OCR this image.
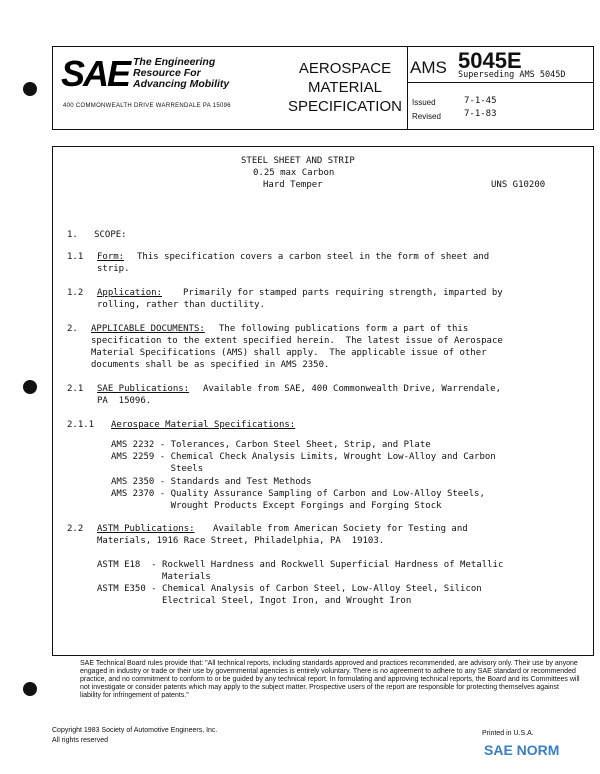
SAE The Engineering
Resource For
Advancing Mobility
400 COMMONWEALTH DRIVE WARRENDALE PA 15096
AEROSPACE
MATERIAL
SPECIFICATION
AMS 5045E
Superseding AMS 5045D
Issued	7-1-45
Revised	7-1-83
STEEL SHEET AND STRIP
0.25 max Carbon
Hard Temper	UNS G10200
1.   SCOPE:
1.1 Form: This specification covers a carbon steel in the form of sheet and
strip.
1.2 Application: Primarily for stamped parts requiring strength, imparted by
rolling, rather than ductility.
2. APPLICABLE DOCUMENTS: The following publications form a part of this
specification to the extent specified herein.  The latest issue of Aerospace
Material Specifications (AMS) shall apply.  The applicable issue of other
documents shall be as specified in AMS 2350.
2.1 SAE Publications: Available from SAE, 400 Commonwealth Drive, Warrendale,
PA  15096.
2.1.1 Aerospace Material Specifications:
AMS 2232 - Tolerances, Carbon Steel Sheet, Strip, and Plate
AMS 2259 - Chemical Check Analysis Limits, Wrought Low-Alloy and Carbon
Steels
AMS 2350 - Standards and Test Methods
AMS 2370 - Quality Assurance Sampling of Carbon and Low-Alloy Steels,
Wrought Products Except Forgings and Forging Stock
2.2 ASTM Publications: Available from American Society for Testing and
Materials, 1916 Race Street, Philadelphia, PA  19103.
ASTM E18  - Rockwell Hardness and Rockwell Superficial Hardness of Metallic
Materials
ASTM E350 - Chemical Analysis of Carbon Steel, Low-Alloy Steel, Silicon
Electrical Steel, Ingot Iron, and Wrought Iron
SAE Technical Board rules provide that: "All technical reports, including standards approved and practices recommended, are advisory only. Their use by anyone engaged in industry or trade or their use by governmental agencies is entirely voluntary. There is no agreement to adhere to any SAE standard or recommended practice, and no commitment to conform to or be guided by any technical report. In formulating and approving technical reports, the Board and its Committees will not investigate or consider patents which may apply to the subject matter. Prospective users of the report are responsible for protecting themselves against liability for infringement of patents."
Copyright 1983 Society of Automotive Engineers, Inc.
All rights reserved
Printed in U.S.A.
SAE NORM
